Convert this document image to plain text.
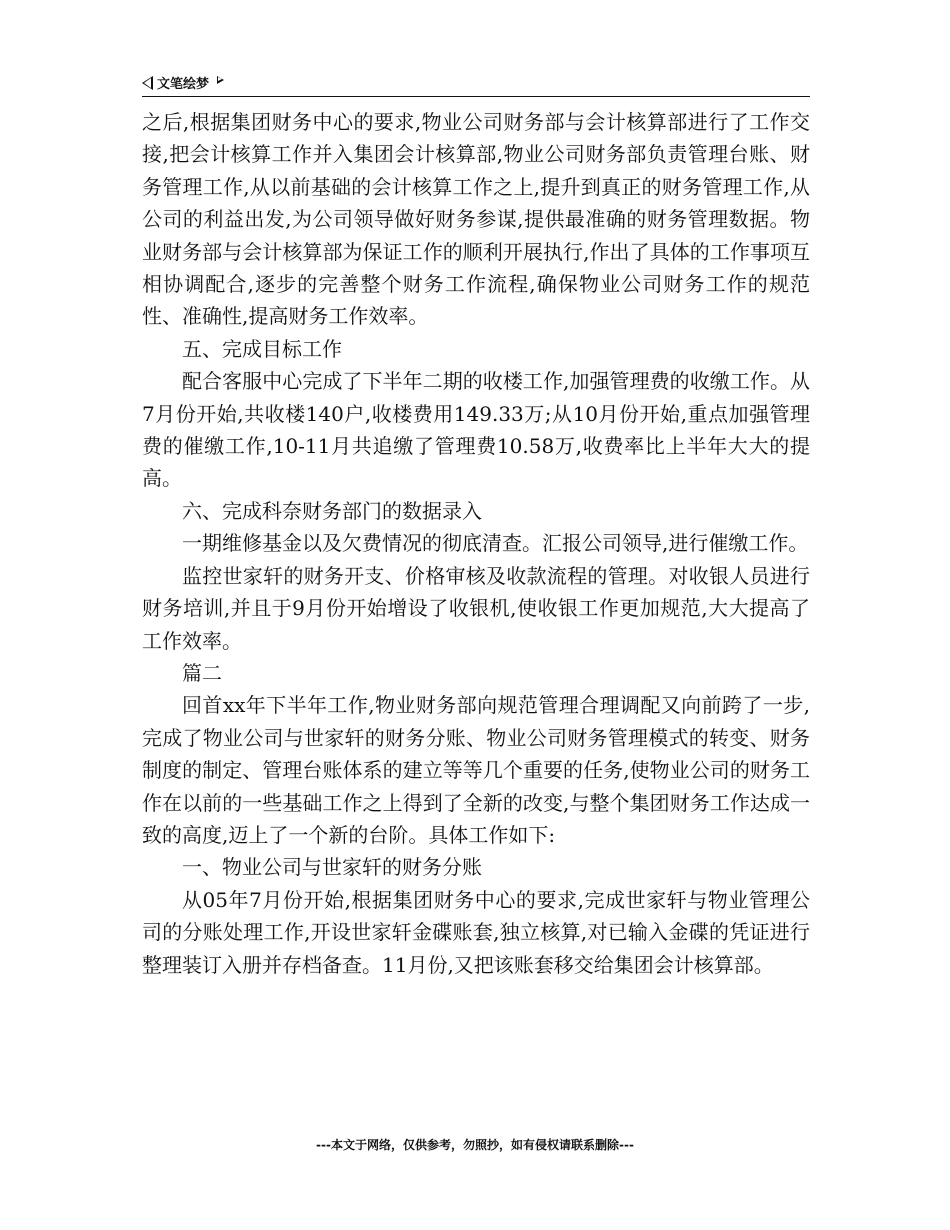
文笔绘梦

之后,根据集团财务中心的要求,物业公司财务部与会计核算部进行了工作交接,把会计核算工作并入集团会计核算部,物业公司财务部负责管理台账、财务管理工作,从以前基础的会计核算工作之上,提升到真正的财务管理工作,从公司的利益出发,为公司领导做好财务参谋,提供最准确的财务管理数据。物业财务部与会计核算部为保证工作的顺利开展执行,作出了具体的工作事项互相协调配合,逐步的完善整个财务工作流程,确保物业公司财务工作的规范性、准确性,提高财务工作效率。

五、完成目标工作

配合客服中心完成了下半年二期的收楼工作,加强管理费的收缴工作。从7月份开始,共收楼140户,收楼费用149.33万;从10月份开始,重点加强管理费的催缴工作,10-11月共追缴了管理费10.58万,收费率比上半年大大的提高。

六、完成科奈财务部门的数据录入

一期维修基金以及欠费情况的彻底清查。汇报公司领导,进行催缴工作。

监控世家轩的财务开支、价格审核及收款流程的管理。对收银人员进行财务培训,并且于9月份开始增设了收银机,使收银工作更加规范,大大提高了工作效率。

篇二

回首xx年下半年工作,物业财务部向规范管理合理调配又向前跨了一步,完成了物业公司与世家轩的财务分账、物业公司财务管理模式的转变、财务制度的制定、管理台账体系的建立等等几个重要的任务,使物业公司的财务工作在以前的一些基础工作之上得到了全新的改变,与整个集团财务工作达成一致的高度,迈上了一个新的台阶。具体工作如下:

一、物业公司与世家轩的财务分账

从05年7月份开始,根据集团财务中心的要求,完成世家轩与物业管理公司的分账处理工作,开设世家轩金碟账套,独立核算,对已输入金碟的凭证进行整理装订入册并存档备查。11月份,又把该账套移交给集团会计核算部。

---本文于网络，仅供参考，勿照抄，如有侵权请联系删除---
